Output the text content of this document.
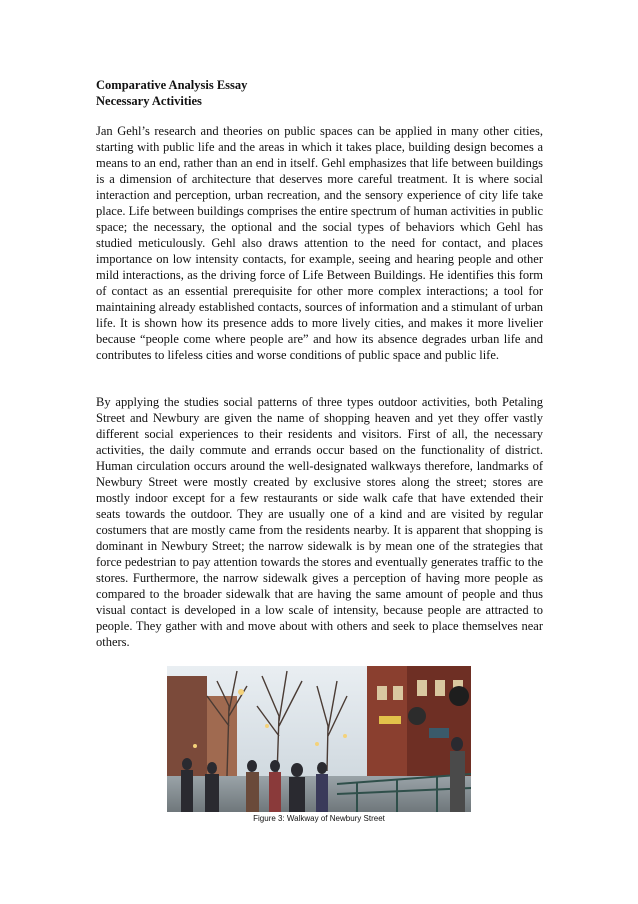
Comparative Analysis Essay
Necessary Activities

Jan Gehl’s research and theories on public spaces can be applied in many other cities, starting with public life and the areas in which it takes place, building design becomes a means to an end, rather than an end in itself. Gehl emphasizes that life between buildings is a dimension of architecture that deserves more careful treatment. It is where social interaction and perception, urban recreation, and the sensory experience of city life take place. Life between buildings comprises the entire spectrum of human activities in public space; the necessary, the optional and the social types of behaviors which Gehl has studied meticulously. Gehl also draws attention to the need for contact, and places importance on low intensity contacts, for example, seeing and hearing people and other mild interactions, as the driving force of Life Between Buildings. He identifies this form of contact as an essential prerequisite for other more complex interactions; a tool for maintaining already established contacts, sources of information and a stimulant of urban life. It is shown how its presence adds to more lively cities, and makes it more livelier because “people come where people are” and how its absence degrades urban life and contributes to lifeless cities and worse conditions of public space and public life.

By applying the studies social patterns of three types outdoor activities, both Petaling Street and Newbury are given the name of shopping heaven and yet they offer vastly different social experiences to their residents and visitors. First of all, the necessary activities, the daily commute and errands occur based on the functionality of district. Human circulation occurs around the well-designated walkways therefore, landmarks of Newbury Street were mostly created by exclusive stores along the street; stores are mostly indoor except for a few restaurants or side walk cafe that have extended their seats towards the outdoor. They are usually one of a kind and are visited by regular costumers that are mostly came from the residents nearby. It is apparent that shopping is dominant in Newbury Street; the narrow sidewalk is by mean one of the strategies that force pedestrian to pay attention towards the stores and eventually generates traffic to the stores. Furthermore, the narrow sidewalk gives a perception of having more people as compared to the broader sidewalk that are having the same amount of people and thus visual contact is developed in a low scale of intensity, because people are attracted to people. They gather with and move about with others and seek to place themselves near others.

Figure 3: Walkway of Newbury Street
